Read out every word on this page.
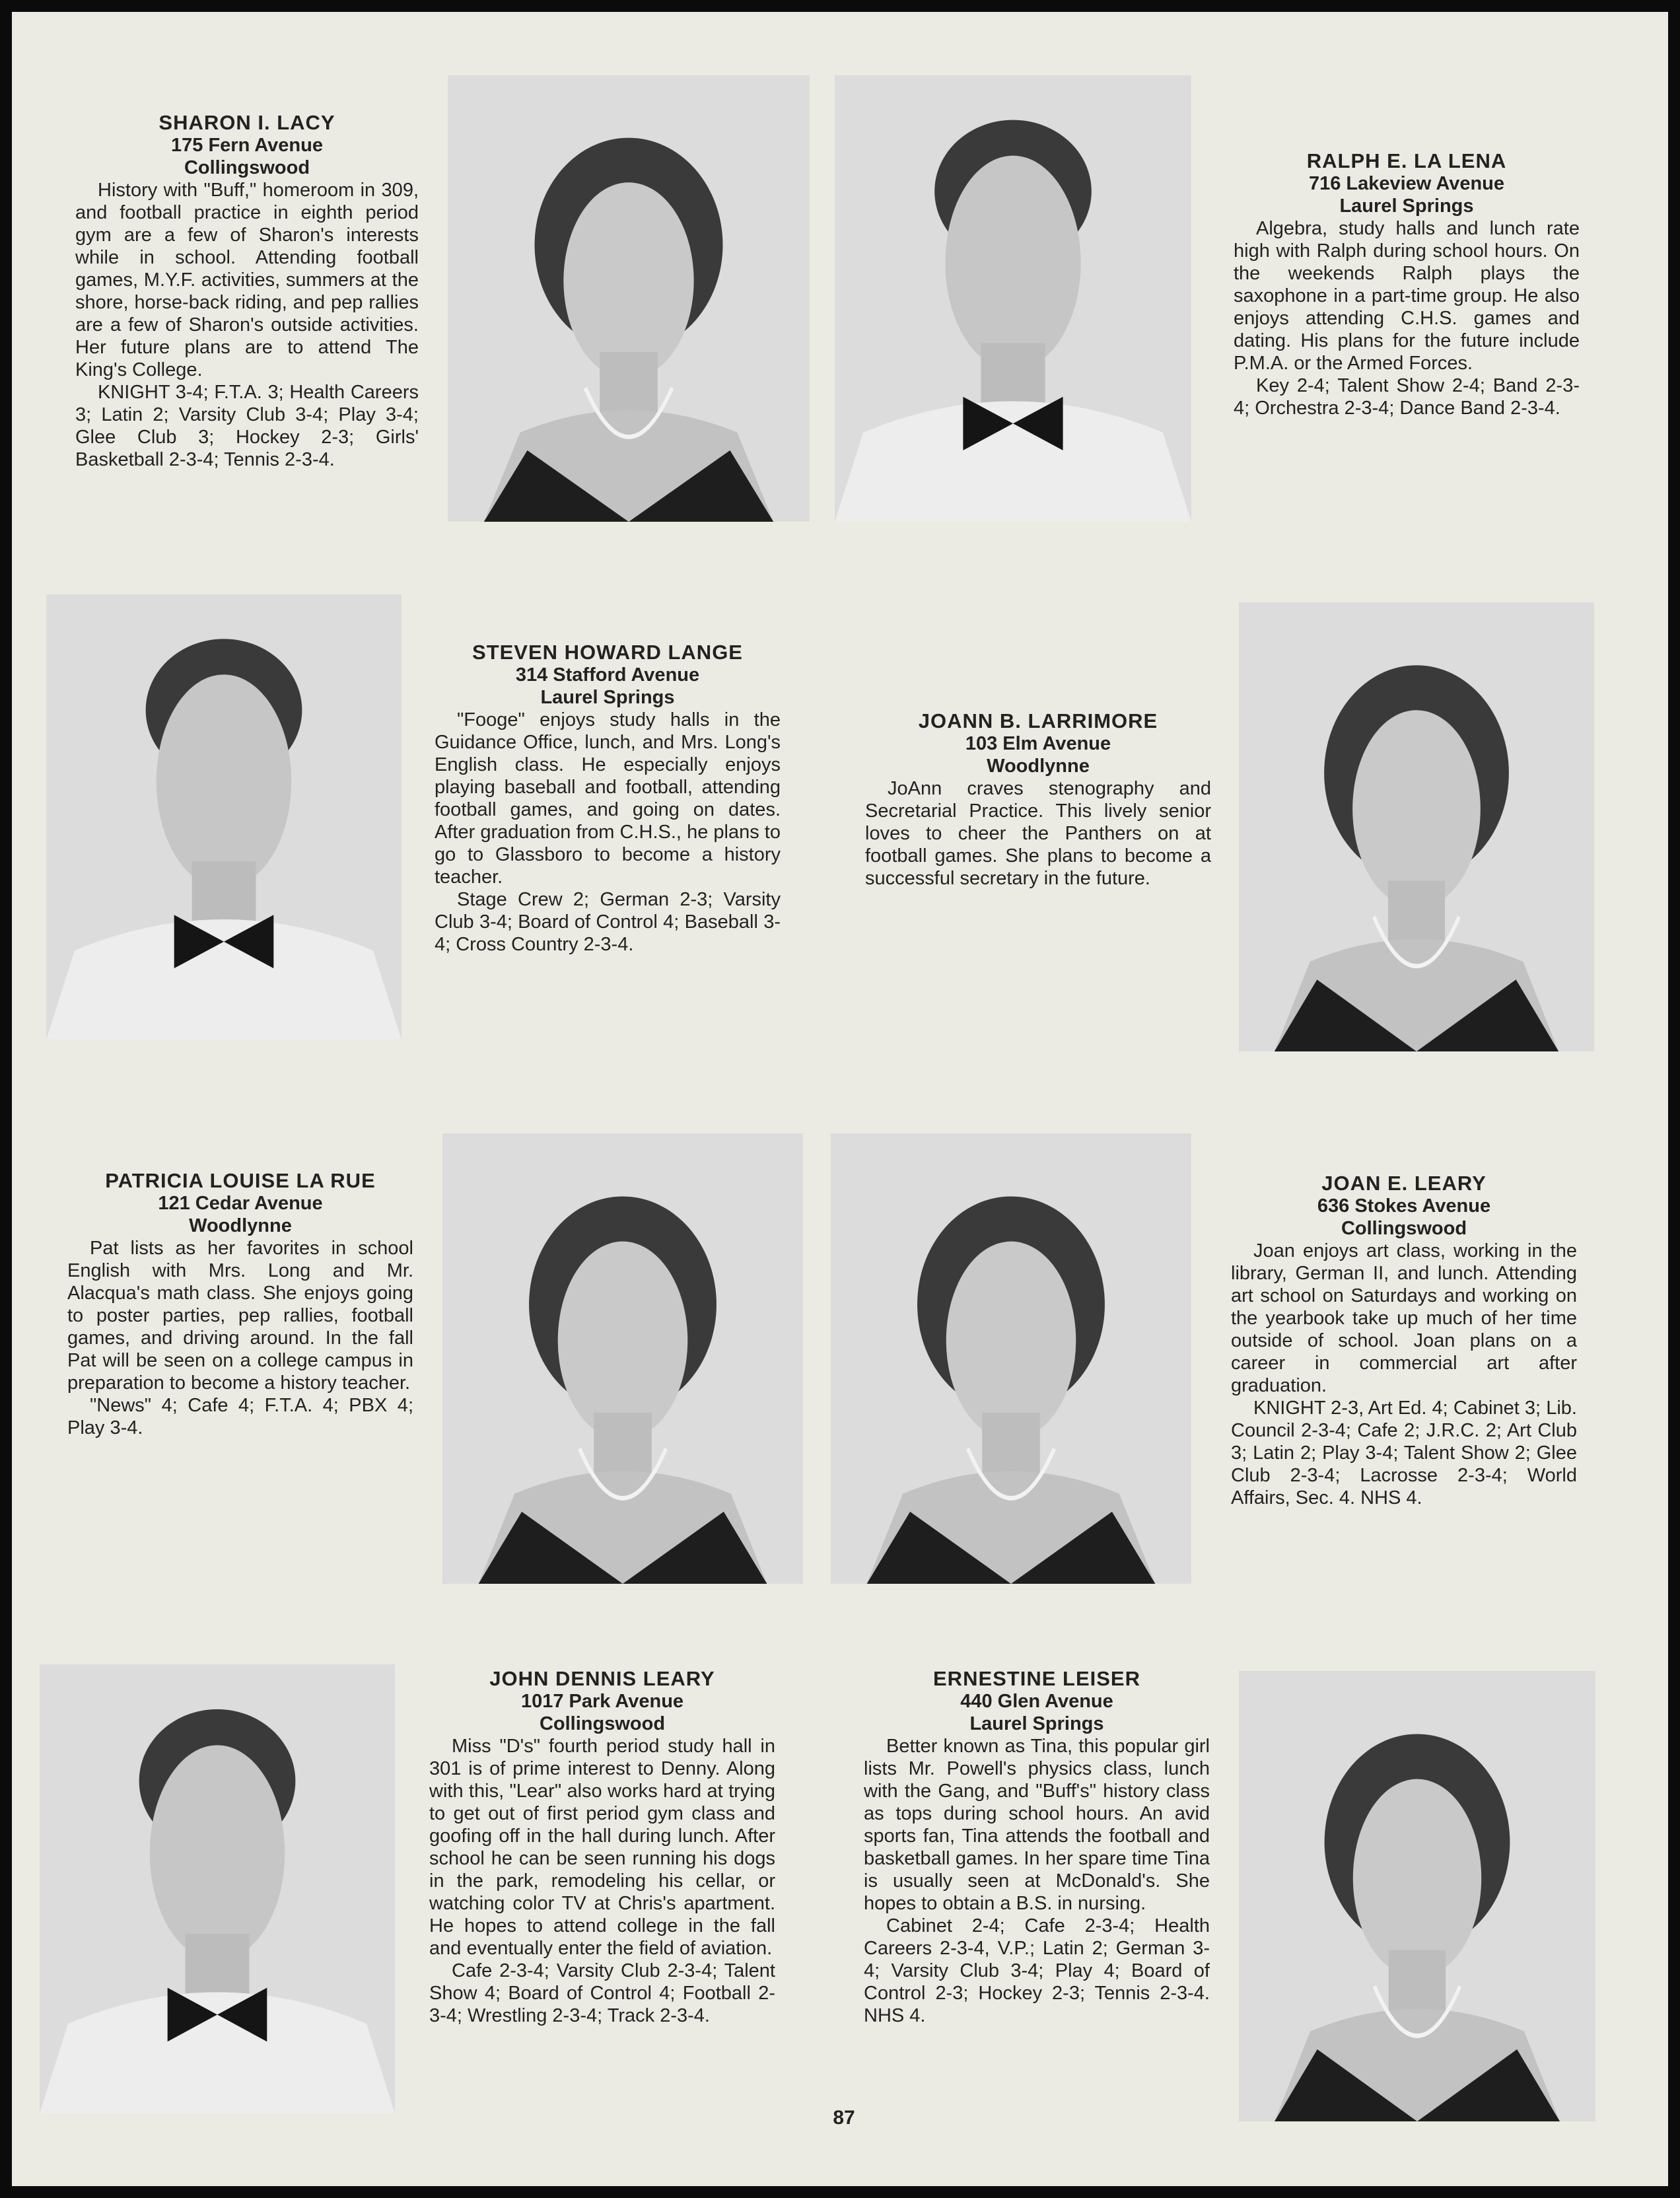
SHARON I. LACY
175 Fern Avenue
Collingswood

History with "Buff," homeroom in 309, and football practice in eighth period gym are a few of Sharon's interests while in school. Attending football games, M.Y.F. activities, summers at the shore, horse-back riding, and pep rallies are a few of Sharon's outside activities. Her future plans are to attend The King's College.

KNIGHT 3-4; F.T.A. 3; Health Careers 3; Latin 2; Varsity Club 3-4; Play 3-4; Glee Club 3; Hockey 2-3; Girls' Basketball 2-3-4; Tennis 2-3-4.

RALPH E. LA LENA
716 Lakeview Avenue
Laurel Springs

Algebra, study halls and lunch rate high with Ralph during school hours. On the weekends Ralph plays the saxophone in a part-time group. He also enjoys attending C.H.S. games and dating. His plans for the future include P.M.A. or the Armed Forces.

Key 2-4; Talent Show 2-4; Band 2-3-4; Orchestra 2-3-4; Dance Band 2-3-4.

STEVEN HOWARD LANGE
314 Stafford Avenue
Laurel Springs

"Fooge" enjoys study halls in the Guidance Office, lunch, and Mrs. Long's English class. He especially enjoys playing baseball and football, attending football games, and going on dates. After graduation from C.H.S., he plans to go to Glassboro to become a history teacher.

Stage Crew 2; German 2-3; Varsity Club 3-4; Board of Control 4; Baseball 3-4; Cross Country 2-3-4.

JOANN B. LARRIMORE
103 Elm Avenue
Woodlynne

JoAnn craves stenography and Secretarial Practice. This lively senior loves to cheer the Panthers on at football games. She plans to become a successful secretary in the future.

PATRICIA LOUISE LA RUE
121 Cedar Avenue
Woodlynne

Pat lists as her favorites in school English with Mrs. Long and Mr. Alacqua's math class. She enjoys going to poster parties, pep rallies, football games, and driving around. In the fall Pat will be seen on a college campus in preparation to become a history teacher.

"News" 4; Cafe 4; F.T.A. 4; PBX 4; Play 3-4.

JOAN E. LEARY
636 Stokes Avenue
Collingswood

Joan enjoys art class, working in the library, German II, and lunch. Attending art school on Saturdays and working on the yearbook take up much of her time outside of school. Joan plans on a career in commercial art after graduation.

KNIGHT 2-3, Art Ed. 4; Cabinet 3; Lib. Council 2-3-4; Cafe 2; J.R.C. 2; Art Club 3; Latin 2; Play 3-4; Talent Show 2; Glee Club 2-3-4; Lacrosse 2-3-4; World Affairs, Sec. 4. NHS 4.

JOHN DENNIS LEARY
1017 Park Avenue
Collingswood

Miss "D's" fourth period study hall in 301 is of prime interest to Denny. Along with this, "Lear" also works hard at trying to get out of first period gym class and goofing off in the hall during lunch. After school he can be seen running his dogs in the park, remodeling his cellar, or watching color TV at Chris's apartment. He hopes to attend college in the fall and eventually enter the field of aviation.

Cafe 2-3-4; Varsity Club 2-3-4; Talent Show 4; Board of Control 4; Football 2-3-4; Wrestling 2-3-4; Track 2-3-4.

ERNESTINE LEISER
440 Glen Avenue
Laurel Springs

Better known as Tina, this popular girl lists Mr. Powell's physics class, lunch with the Gang, and "Buff's" history class as tops during school hours. An avid sports fan, Tina attends the football and basketball games. In her spare time Tina is usually seen at McDonald's. She hopes to obtain a B.S. in nursing.

Cabinet 2-4; Cafe 2-3-4; Health Careers 2-3-4, V.P.; Latin 2; German 3-4; Varsity Club 3-4; Play 4; Board of Control 2-3; Hockey 2-3; Tennis 2-3-4. NHS 4.

87
